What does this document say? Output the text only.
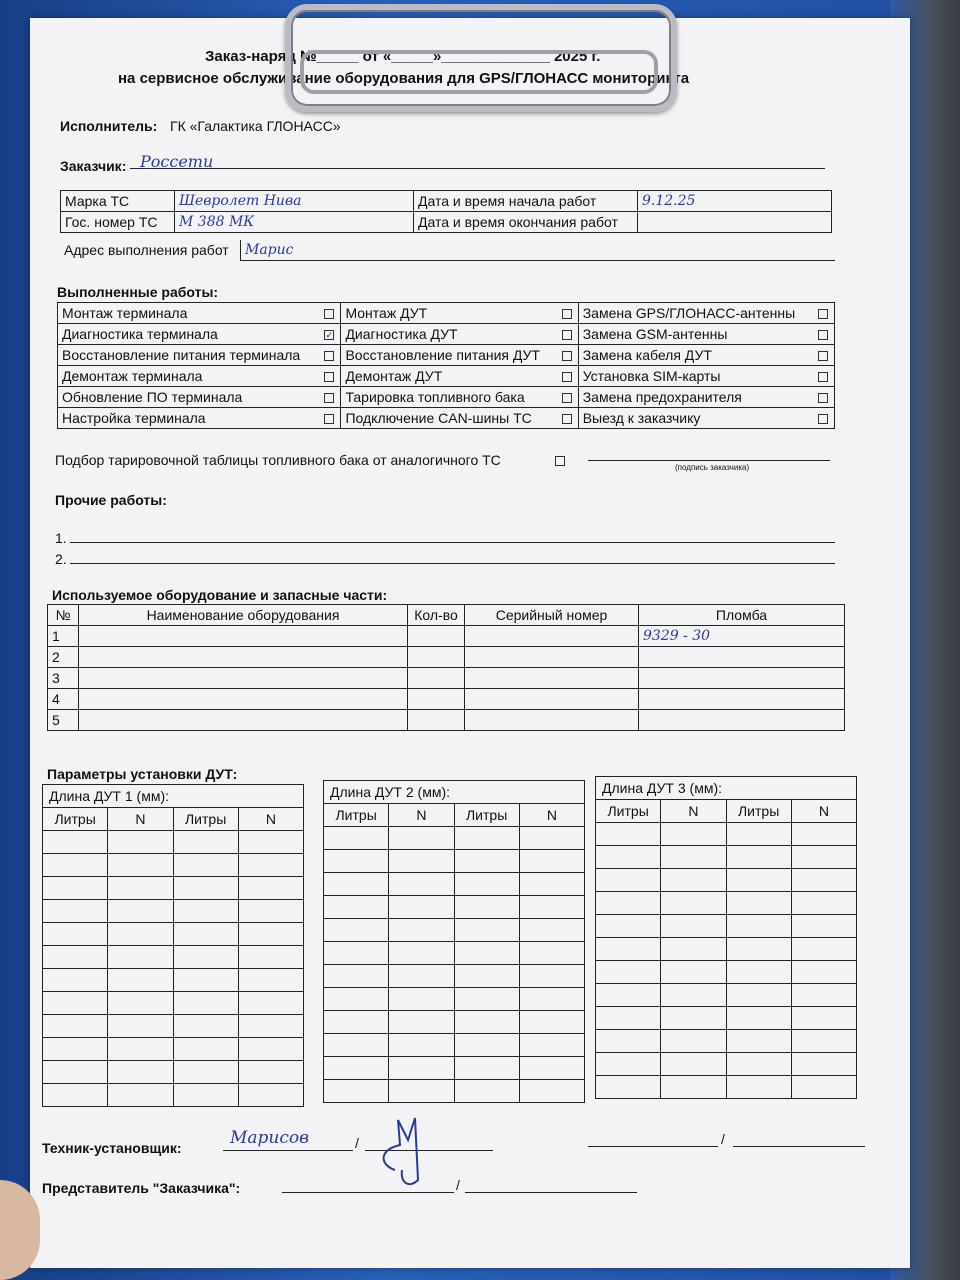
Заказ-наряд №_____ от «_____»_____________ 2025 г.
на сервисное обслуживание оборудования для GPS/ГЛОНАСС мониторинга
Исполнитель: ГК «Галактика ГЛОНАСС»
Заказчик: Россети
Марка ТС	Шевролет Нива	Дата и время начала работ	9.12.25
Гос. номер ТС	М 388 МК	Дата и время окончания работ	
Адрес выполнения работ	Марис
Выполненные работы:
Монтаж терминала		Монтаж ДУТ		Замена GPS/ГЛОНАСС-антенны	
Диагностика терминала	✓	Диагностика ДУТ		Замена GSM-антенны	
Восстановление питания терминала		Восстановление питания ДУТ		Замена кабеля ДУТ	
Демонтаж терминала		Демонтаж ДУТ		Установка SIM-карты	
Обновление ПО терминала		Тарировка топливного бака		Замена предохранителя	
Настройка терминала		Подключение CAN-шины ТС		Выезд к заказчику	
Подбор тарировочной таблицы топливного бака от аналогичного ТС	(подпись заказчика)
Прочие работы:
1.
2.
Используемое оборудование и запасные части:
№	Наименование оборудования	Кол-во	Серийный номер	Пломба
1				9329 - 30
2				
3				
4				
5				
Параметры установки ДУТ:
Длина ДУТ 1 (мм):			
Литры	N	Литры	N

Длина ДУТ 2 (мм):			
Литры	N	Литры	N

Длина ДУТ 3 (мм):			
Литры	N	Литры	N

Техник-установщик:	Марисов	/	/
Представитель "Заказчика":	/
